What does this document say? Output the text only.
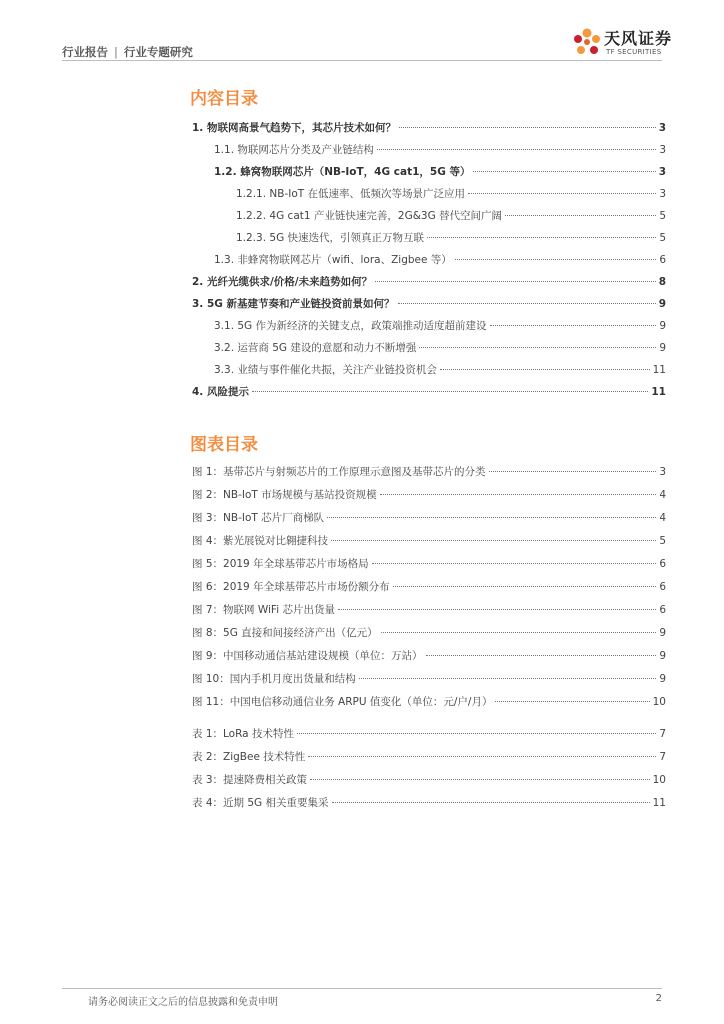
行业报告 | 行业专题研究
天风证券
TF SECURITIES
内容目录
1. 物联网高景气趋势下，其芯片技术如何？	3
1.1. 物联网芯片分类及产业链结构	3
1.2. 蜂窝物联网芯片（NB-IoT，4G cat1，5G 等）	3
1.2.1. NB-IoT 在低速率、低频次等场景广泛应用	3
1.2.2. 4G cat1 产业链快速完善，2G&3G 替代空间广阔	5
1.2.3. 5G 快速迭代，引领真正万物互联	5
1.3. 非蜂窝物联网芯片（wifi、lora、Zigbee 等）	6
2. 光纤光缆供求/价格/未来趋势如何？	8
3. 5G 新基建节奏和产业链投资前景如何？	9
3.1. 5G 作为新经济的关键支点，政策端推动适度超前建设	9
3.2. 运营商 5G 建设的意愿和动力不断增强	9
3.3. 业绩与事件催化共振，关注产业链投资机会	11
4. 风险提示	11
图表目录
图 1：基带芯片与射频芯片的工作原理示意图及基带芯片的分类	3
图 2：NB-IoT 市场规模与基站投资规模	4
图 3：NB-IoT 芯片厂商梯队	4
图 4：紫光展锐对比翱捷科技	5
图 5：2019 年全球基带芯片市场格局	6
图 6：2019 年全球基带芯片市场份额分布	6
图 7：物联网 WiFi 芯片出货量	6
图 8：5G 直接和间接经济产出（亿元）	9
图 9：中国移动通信基站建设规模（单位：万站）	9
图 10：国内手机月度出货量和结构	9
图 11：中国电信移动通信业务 ARPU 值变化（单位：元/户/月）	10
表 1：LoRa 技术特性	7
表 2：ZigBee 技术特性	7
表 3：提速降费相关政策	10
表 4：近期 5G 相关重要集采	11
请务必阅读正文之后的信息披露和免责申明	2
